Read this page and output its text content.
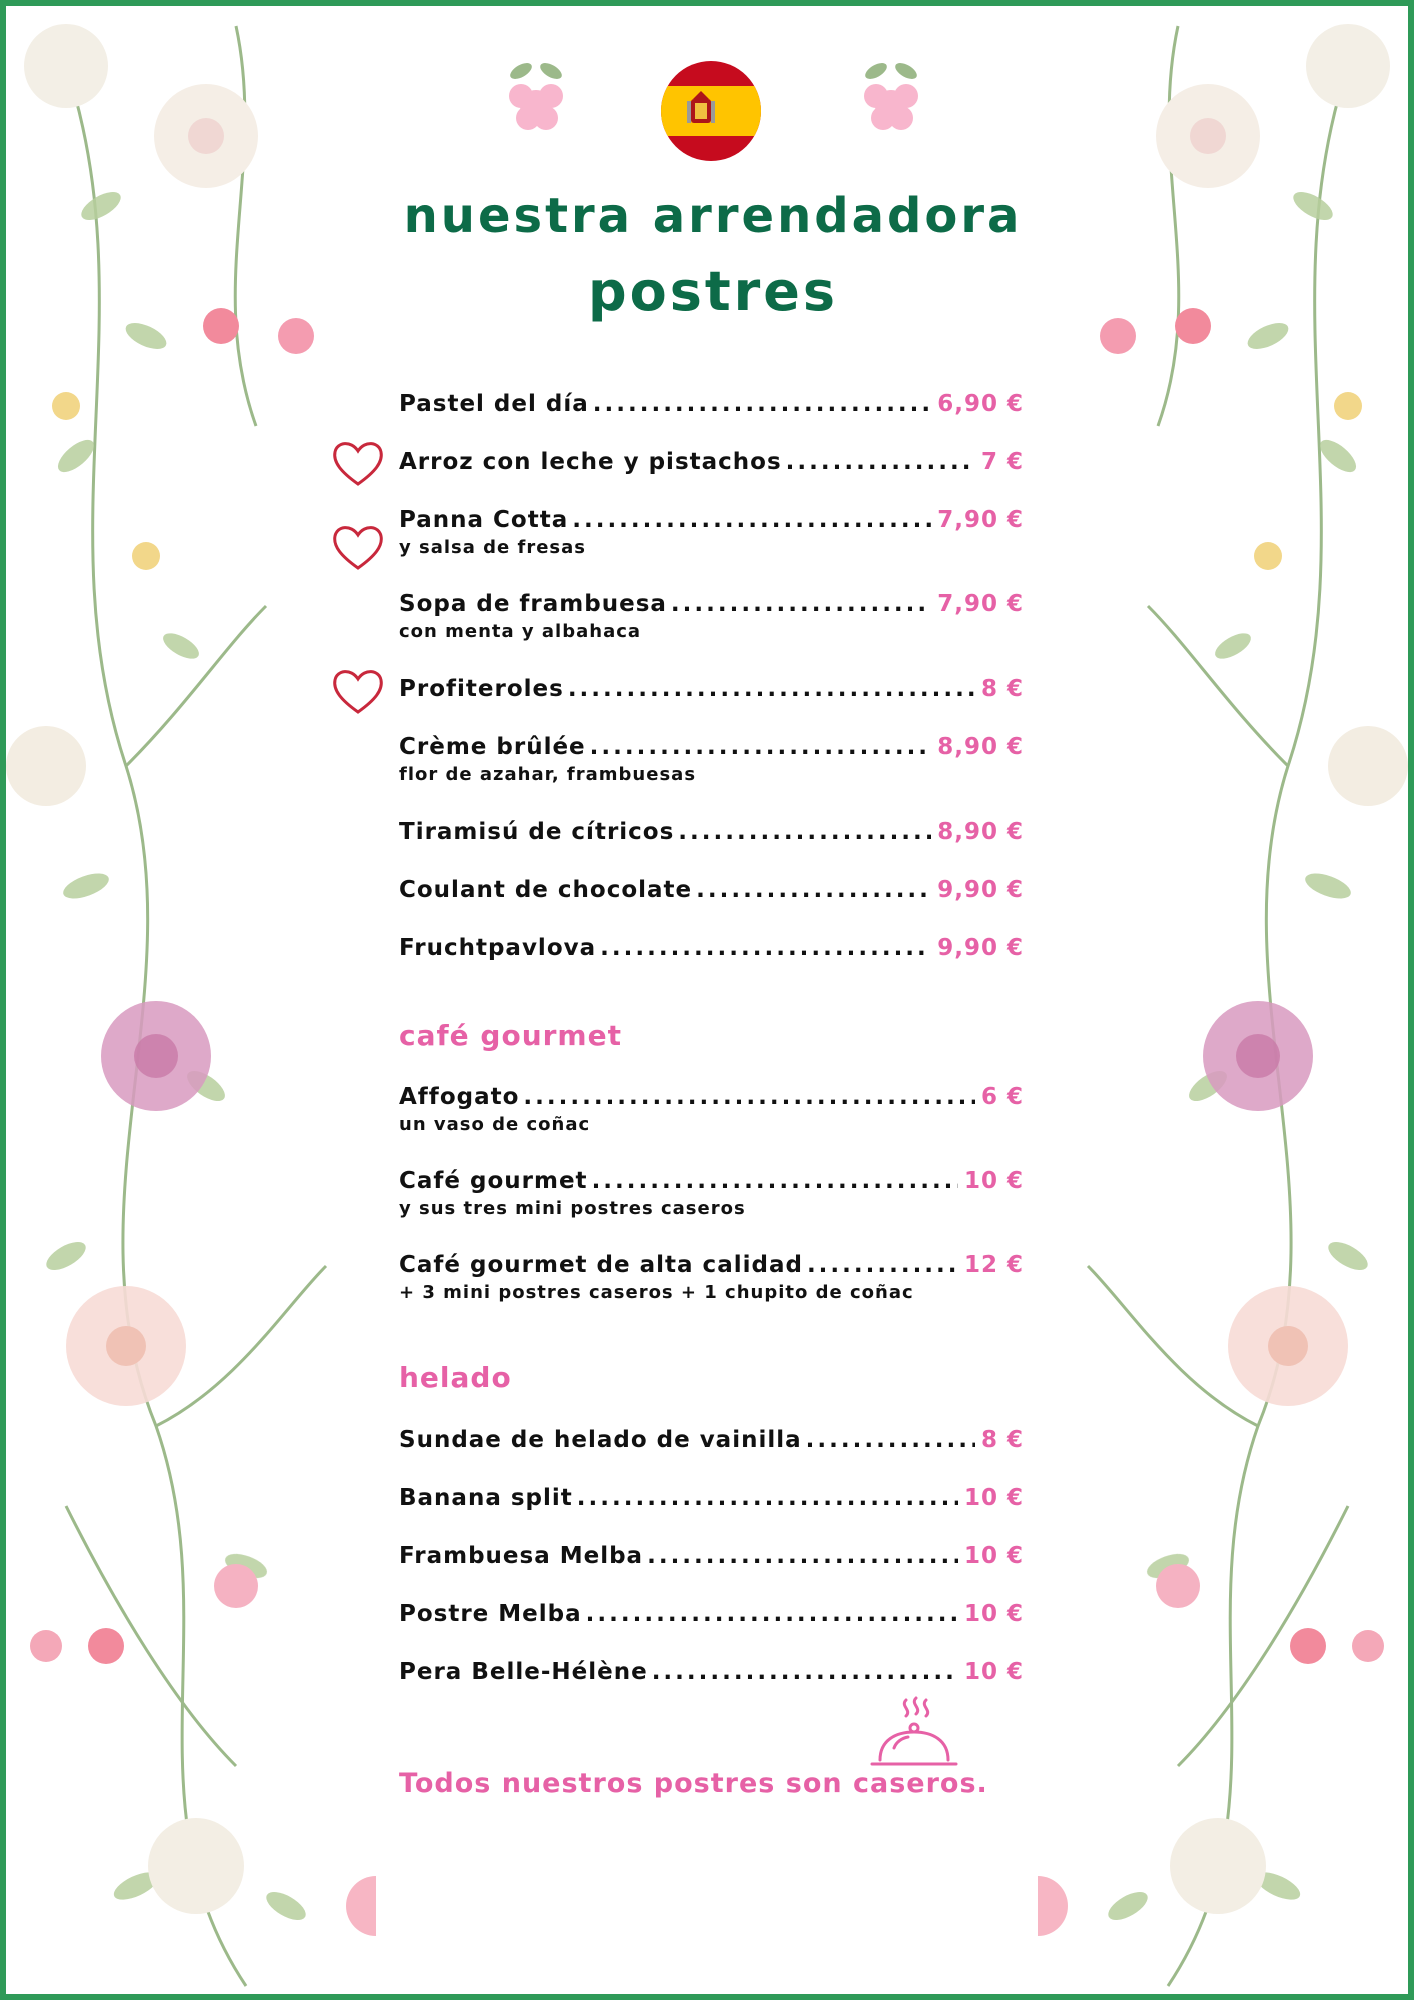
nuestra arrendadora
postres
Pastel del día .....	6,90 €
Arroz con leche y pistachos .....	7 €
Panna Cotta .....	7,90 €
y salsa de fresas
Sopa de frambuesa .....	7,90 €
con menta y albahaca
Profiteroles .....	8 €
Crème brûlée .....	8,90 €
flor de azahar, frambuesas
Tiramisú de cítricos .....	8,90 €
Coulant de chocolate .....	9,90 €
Fruchtpavlova .....	9,90 €
café gourmet
Affogato .....	6 €
un vaso de coñac
Café gourmet .....	10 €
y sus tres mini postres caseros
Café gourmet de alta calidad .....	12 €
+ 3 mini postres caseros + 1 chupito de coñac
helado
Sundae de helado de vainilla .....	8 €
Banana split .....	10 €
Frambuesa Melba .....	10 €
Postre Melba .....	10 €
Pera Belle-Hélène .....	10 €
Todos nuestros postres son caseros.
